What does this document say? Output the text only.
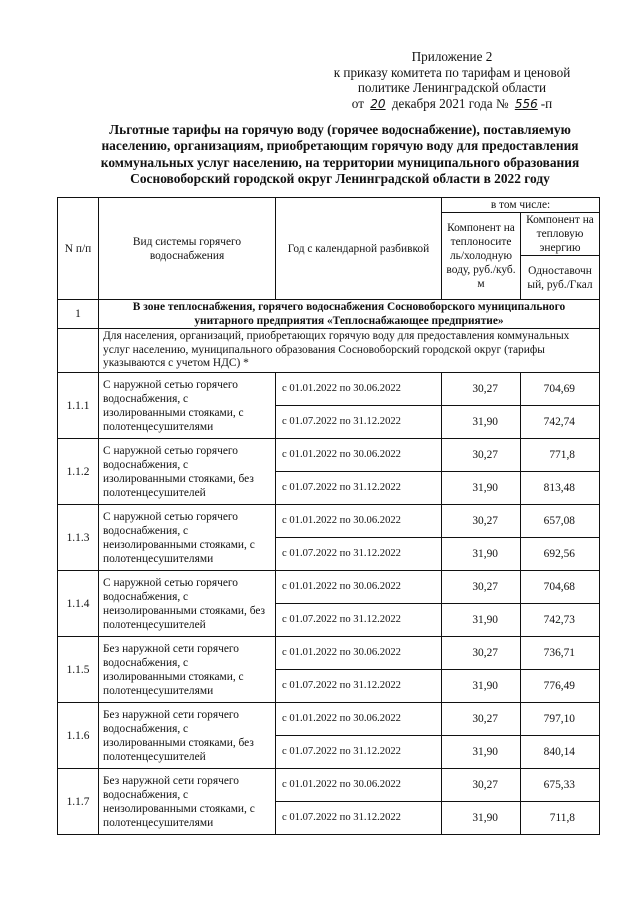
Приложение 2
к приказу комитета по тарифам и ценовой
политике Ленинградской области
от 20 декабря 2021 года № 556 -п
Льготные тарифы на горячую воду (горячее водоснабжение), поставляемую населению, организациям, приобретающим горячую воду для предоставления коммунальных услуг населению, на территории муниципального образования Сосновоборский городской округ Ленинградской области в 2022 году
N п/п	Вид системы горячего водоснабжения	Год с календарной разбивкой	в том числе:	
			Компонент на теплоносите ль/холодную воду, руб./куб. м	Компонент на тепловую энергию
				Одноставочн ый, руб./Гкал
1	В зоне теплоснабжения, горячего водоснабжения Сосновоборского муниципального унитарного предприятия «Теплоснабжающее предприятие»			
	Для населения, организаций, приобретающих горячую воду для предоставления коммунальных услуг населению, муниципального образования Сосновоборский городской округ (тарифы указываются с учетом НДС) *			
1.1.1	С наружной сетью горячего водоснабжения, с изолированными стояками, с полотенцесушителями	с 01.01.2022 по 30.06.2022	30,27	704,69
		с 01.07.2022 по 31.12.2022	31,90	742,74
1.1.2	С наружной сетью горячего водоснабжения, с изолированными стояками, без полотенцесушителей	с 01.01.2022 по 30.06.2022	30,27	771,8
		с 01.07.2022 по 31.12.2022	31,90	813,48
1.1.3	С наружной сетью горячего водоснабжения, с неизолированными стояками, с полотенцесушителями	с 01.01.2022 по 30.06.2022	30,27	657,08
		с 01.07.2022 по 31.12.2022	31,90	692,56
1.1.4	С наружной сетью горячего водоснабжения, с неизолированными стояками, без полотенцесушителей	с 01.01.2022 по 30.06.2022	30,27	704,68
		с 01.07.2022 по 31.12.2022	31,90	742,73
1.1.5	Без наружной сети горячего водоснабжения, с изолированными стояками, с полотенцесушителями	с 01.01.2022 по 30.06.2022	30,27	736,71
		с 01.07.2022 по 31.12.2022	31,90	776,49
1.1.6	Без наружной сети горячего водоснабжения, с изолированными стояками, без полотенцесушителей	с 01.01.2022 по 30.06.2022	30,27	797,10
		с 01.07.2022 по 31.12.2022	31,90	840,14
1.1.7	Без наружной сети горячего водоснабжения, с неизолированными стояками, с полотенцесушителями	с 01.01.2022 по 30.06.2022	30,27	675,33
		с 01.07.2022 по 31.12.2022	31,90	711,8
